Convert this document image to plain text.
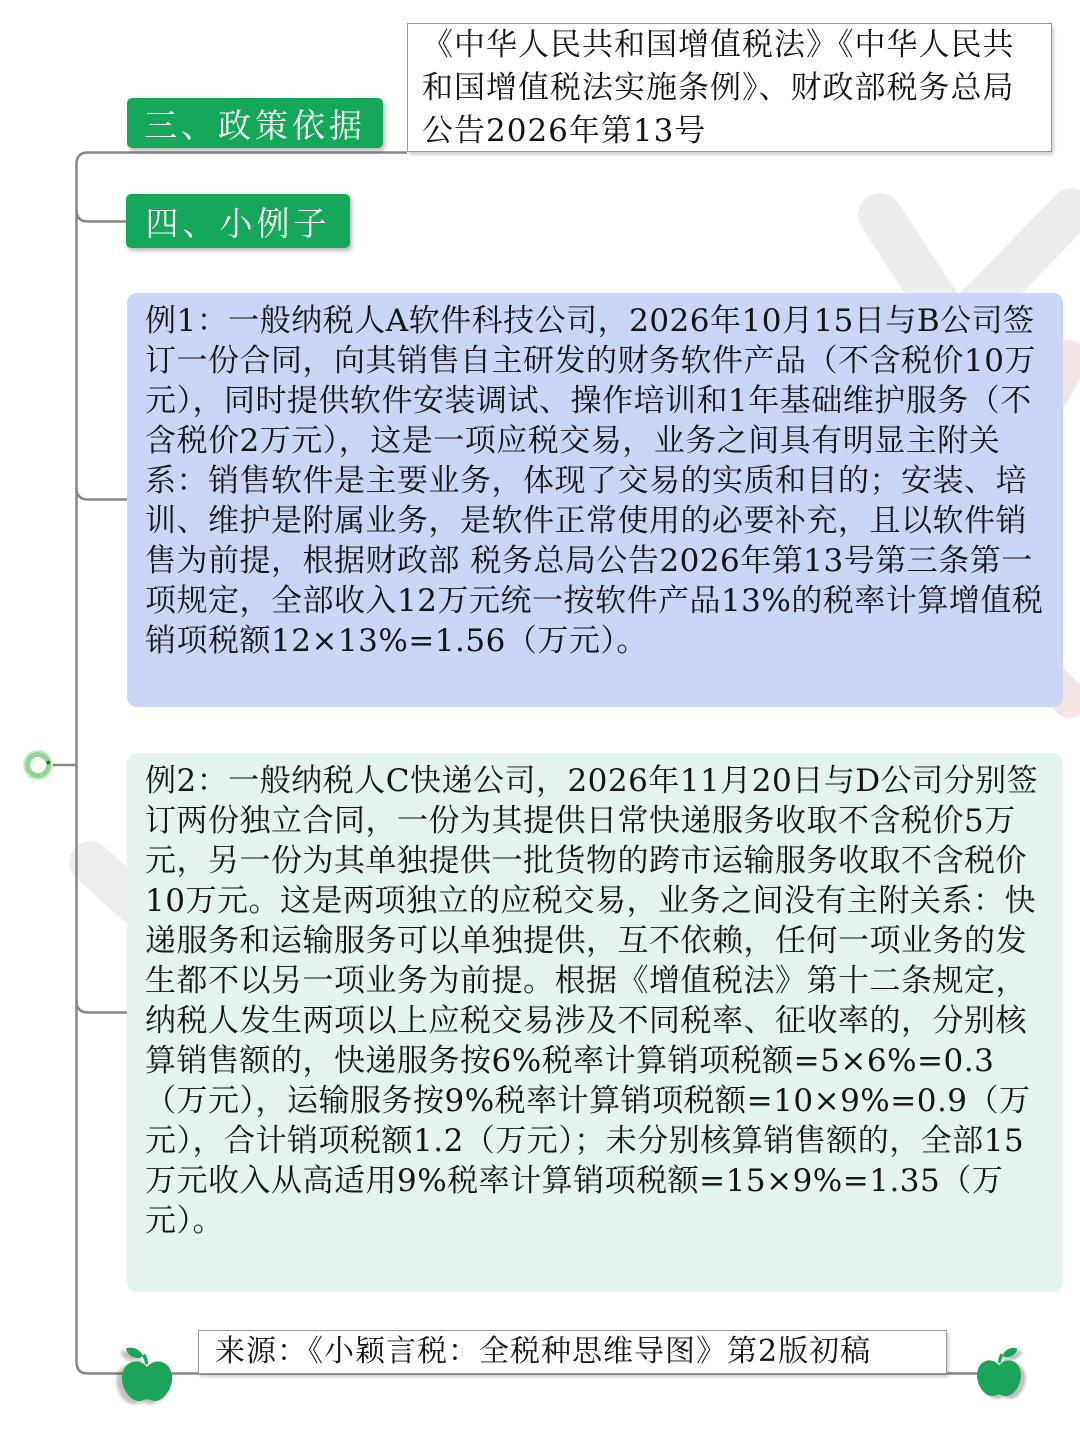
三、政策依据
《中华人民共和国增值税法》《中华人民共和国增值税法实施条例》、财政部税务总局公告2026年第13号
四、小例子
例1：一般纳税人A软件科技公司，2026年10月15日与B公司签订一份合同，向其销售自主研发的财务软件产品（不含税价10万元），同时提供软件安装调试、操作培训和1年基础维护服务（不含税价2万元），这是一项应税交易，业务之间具有明显主附关系：销售软件是主要业务，体现了交易的实质和目的；安装、培训、维护是附属业务，是软件正常使用的必要补充，且以软件销售为前提，根据财政部 税务总局公告2026年第13号第三条第一项规定，全部收入12万元统一按软件产品13%的税率计算增值税销项税额12×13%=1.56（万元）。
例2：一般纳税人C快递公司，2026年11月20日与D公司分别签订两份独立合同，一份为其提供日常快递服务收取不含税价5万元，另一份为其单独提供一批货物的跨市运输服务收取不含税价10万元。这是两项独立的应税交易，业务之间没有主附关系：快递服务和运输服务可以单独提供，互不依赖，任何一项业务的发生都不以另一项业务为前提。根据《增值税法》第十二条规定，纳税人发生两项以上应税交易涉及不同税率、征收率的，分别核算销售额的，快递服务按6%税率计算销项税额=5×6%=0.3（万元），运输服务按9%税率计算销项税额=10×9%=0.9（万元），合计销项税额1.2（万元）；未分别核算销售额的，全部15万元收入从高适用9%税率计算销项税额=15×9%=1.35（万元）。
来源：《小颖言税：全税种思维导图》第2版初稿
